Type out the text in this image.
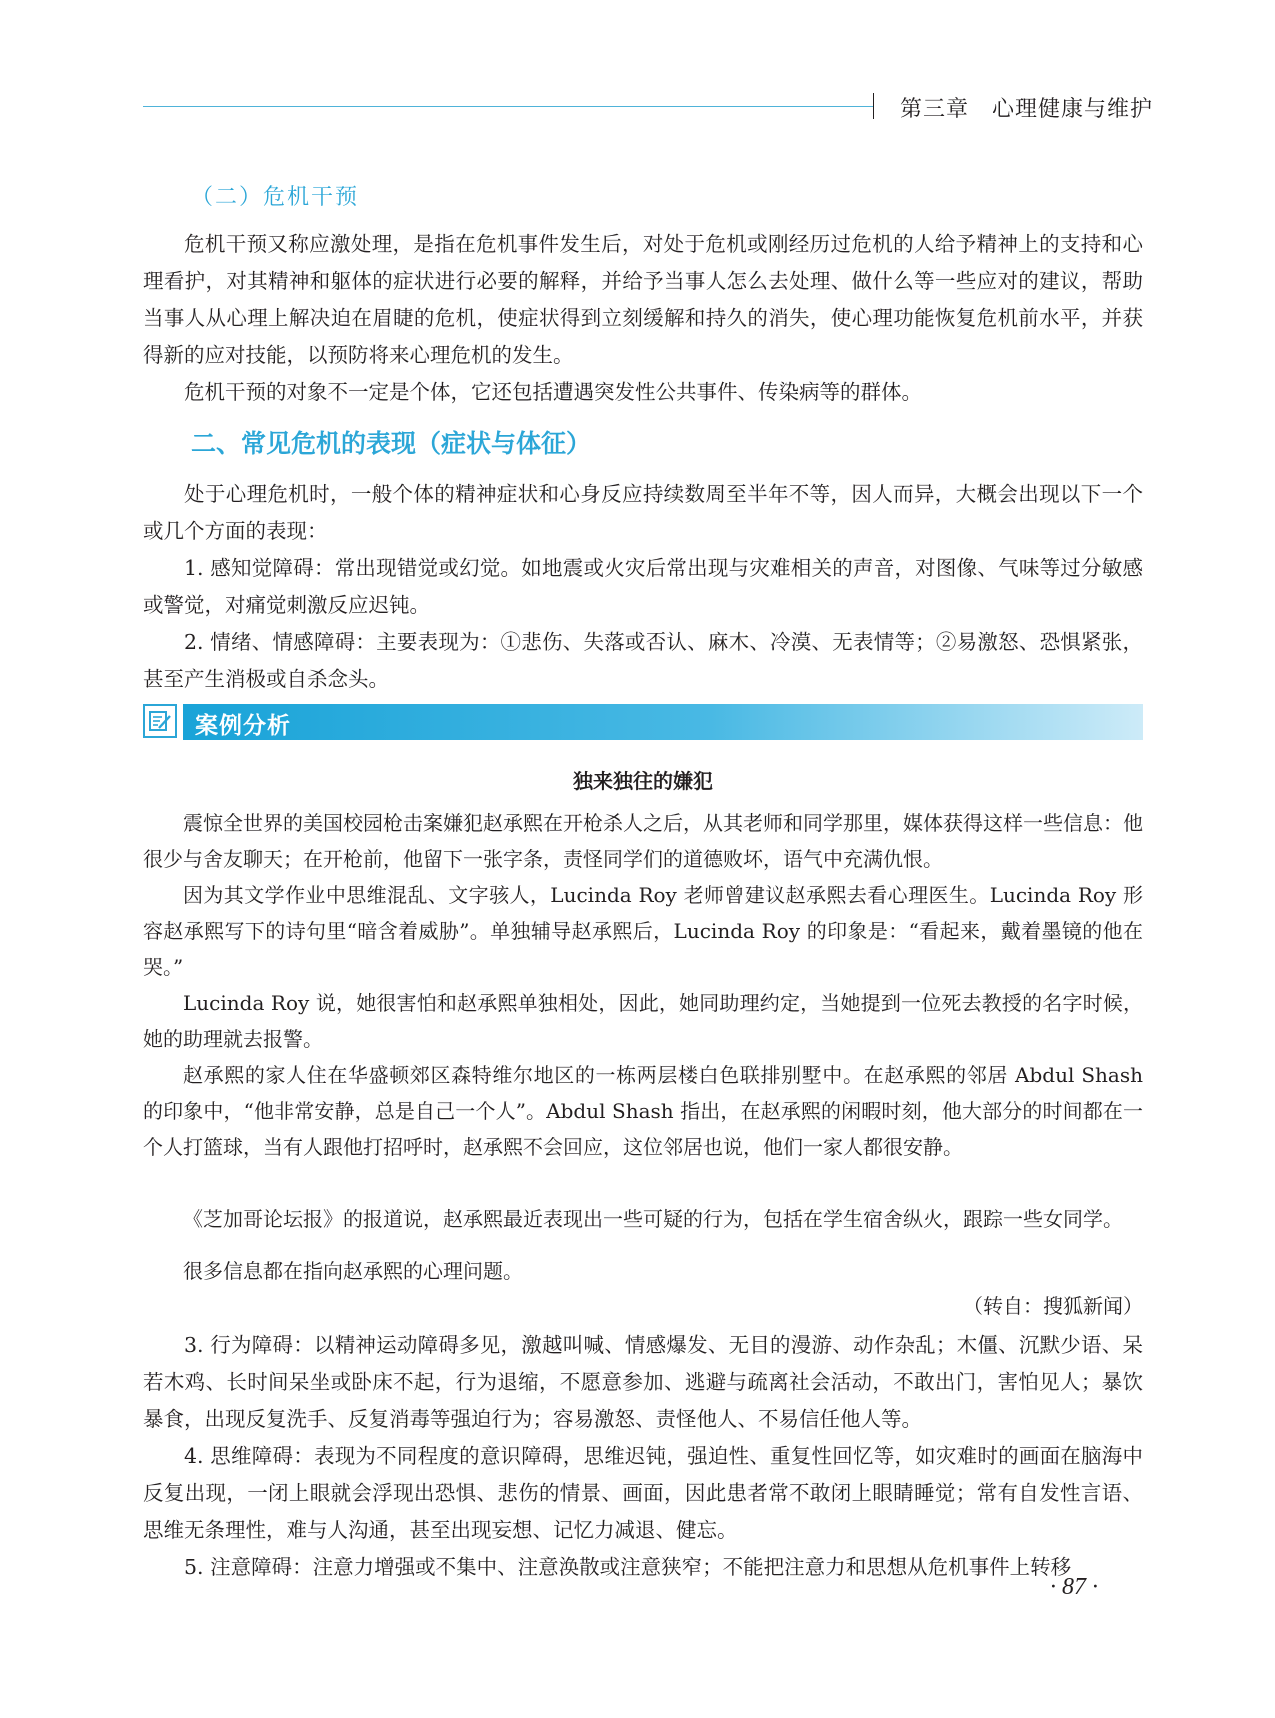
第三章　心理健康与维护
（二）危机干预

危机干预又称应激处理，是指在危机事件发生后，对处于危机或刚经历过危机的人给予精神上的支持和心理看护，对其精神和躯体的症状进行必要的解释，并给予当事人怎么去处理、做什么等一些应对的建议，帮助当事人从心理上解决迫在眉睫的危机，使症状得到立刻缓解和持久的消失，使心理功能恢复危机前水平，并获得新的应对技能，以预防将来心理危机的发生。

危机干预的对象不一定是个体，它还包括遭遇突发性公共事件、传染病等的群体。

二、常见危机的表现（症状与体征）

处于心理危机时，一般个体的精神症状和心身反应持续数周至半年不等，因人而异，大概会出现以下一个或几个方面的表现：

1. 感知觉障碍：常出现错觉或幻觉。如地震或火灾后常出现与灾难相关的声音，对图像、气味等过分敏感或警觉，对痛觉刺激反应迟钝。

2. 情绪、情感障碍：主要表现为：①悲伤、失落或否认、麻木、冷漠、无表情等；②易激怒、恐惧紧张，甚至产生消极或自杀念头。

独来独往的嫌犯

震惊全世界的美国校园枪击案嫌犯赵承熙在开枪杀人之后，从其老师和同学那里，媒体获得这样一些信息：他很少与舍友聊天；在开枪前，他留下一张字条，责怪同学们的道德败坏，语气中充满仇恨。

因为其文学作业中思维混乱、文字骇人，Lucinda Roy 老师曾建议赵承熙去看心理医生。Lucinda Roy 形容赵承熙写下的诗句里“暗含着威胁”。单独辅导赵承熙后，Lucinda Roy 的印象是：“看起来，戴着墨镜的他在哭。”

Lucinda Roy 说，她很害怕和赵承熙单独相处，因此，她同助理约定，当她提到一位死去教授的名字时候，她的助理就去报警。

赵承熙的家人住在华盛顿郊区森特维尔地区的一栋两层楼白色联排别墅中。在赵承熙的邻居 Abdul Shash 的印象中，“他非常安静，总是自己一个人”。Abdul Shash 指出，在赵承熙的闲暇时刻，他大部分的时间都在一个人打篮球，当有人跟他打招呼时，赵承熙不会回应，这位邻居也说，他们一家人都很安静。

《芝加哥论坛报》的报道说，赵承熙最近表现出一些可疑的行为，包括在学生宿舍纵火，跟踪一些女同学。

很多信息都在指向赵承熙的心理问题。

（转自：搜狐新闻）

3. 行为障碍：以精神运动障碍多见，激越叫喊、情感爆发、无目的漫游、动作杂乱；木僵、沉默少语、呆若木鸡、长时间呆坐或卧床不起，行为退缩，不愿意参加、逃避与疏离社会活动，不敢出门，害怕见人；暴饮暴食，出现反复洗手、反复消毒等强迫行为；容易激怒、责怪他人、不易信任他人等。

4. 思维障碍：表现为不同程度的意识障碍，思维迟钝，强迫性、重复性回忆等，如灾难时的画面在脑海中反复出现，一闭上眼就会浮现出恐惧、悲伤的情景、画面，因此患者常不敢闭上眼睛睡觉；常有自发性言语、思维无条理性，难与人沟通，甚至出现妄想、记忆力减退、健忘。

5. 注意障碍：注意力增强或不集中、注意涣散或注意狭窄；不能把注意力和思想从危机事件上转移

案例分析
· 87 ·
